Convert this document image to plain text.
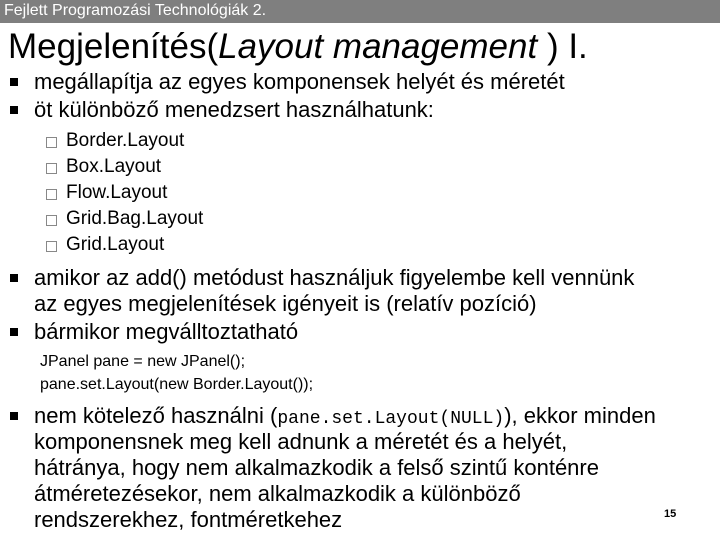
Fejlett Programozási Technológiák 2.
Megjelenítés(Layout management ) I.
megállapítja az egyes komponensek helyét és méretét
öt különböző menedzsert használhatunk:
Border.Layout
Box.Layout
Flow.Layout
Grid.Bag.Layout
Grid.Layout
amikor az add() metódust használjuk figyelembe kell vennünk
az egyes megjelenítések igényeit is (relatív pozíció)
bármikor megválltoztatható
JPanel pane = new JPanel();
pane.set.Layout(new Border.Layout());
nem kötelező használni (pane.set.Layout(NULL)), ekkor minden
komponensnek meg kell adnunk a méretét és a helyét,
hátránya, hogy nem alkalmazkodik a felső szintű konténre
átméretezésekor, nem alkalmazkodik a különböző
rendszerekhez, fontméretkehez	15
